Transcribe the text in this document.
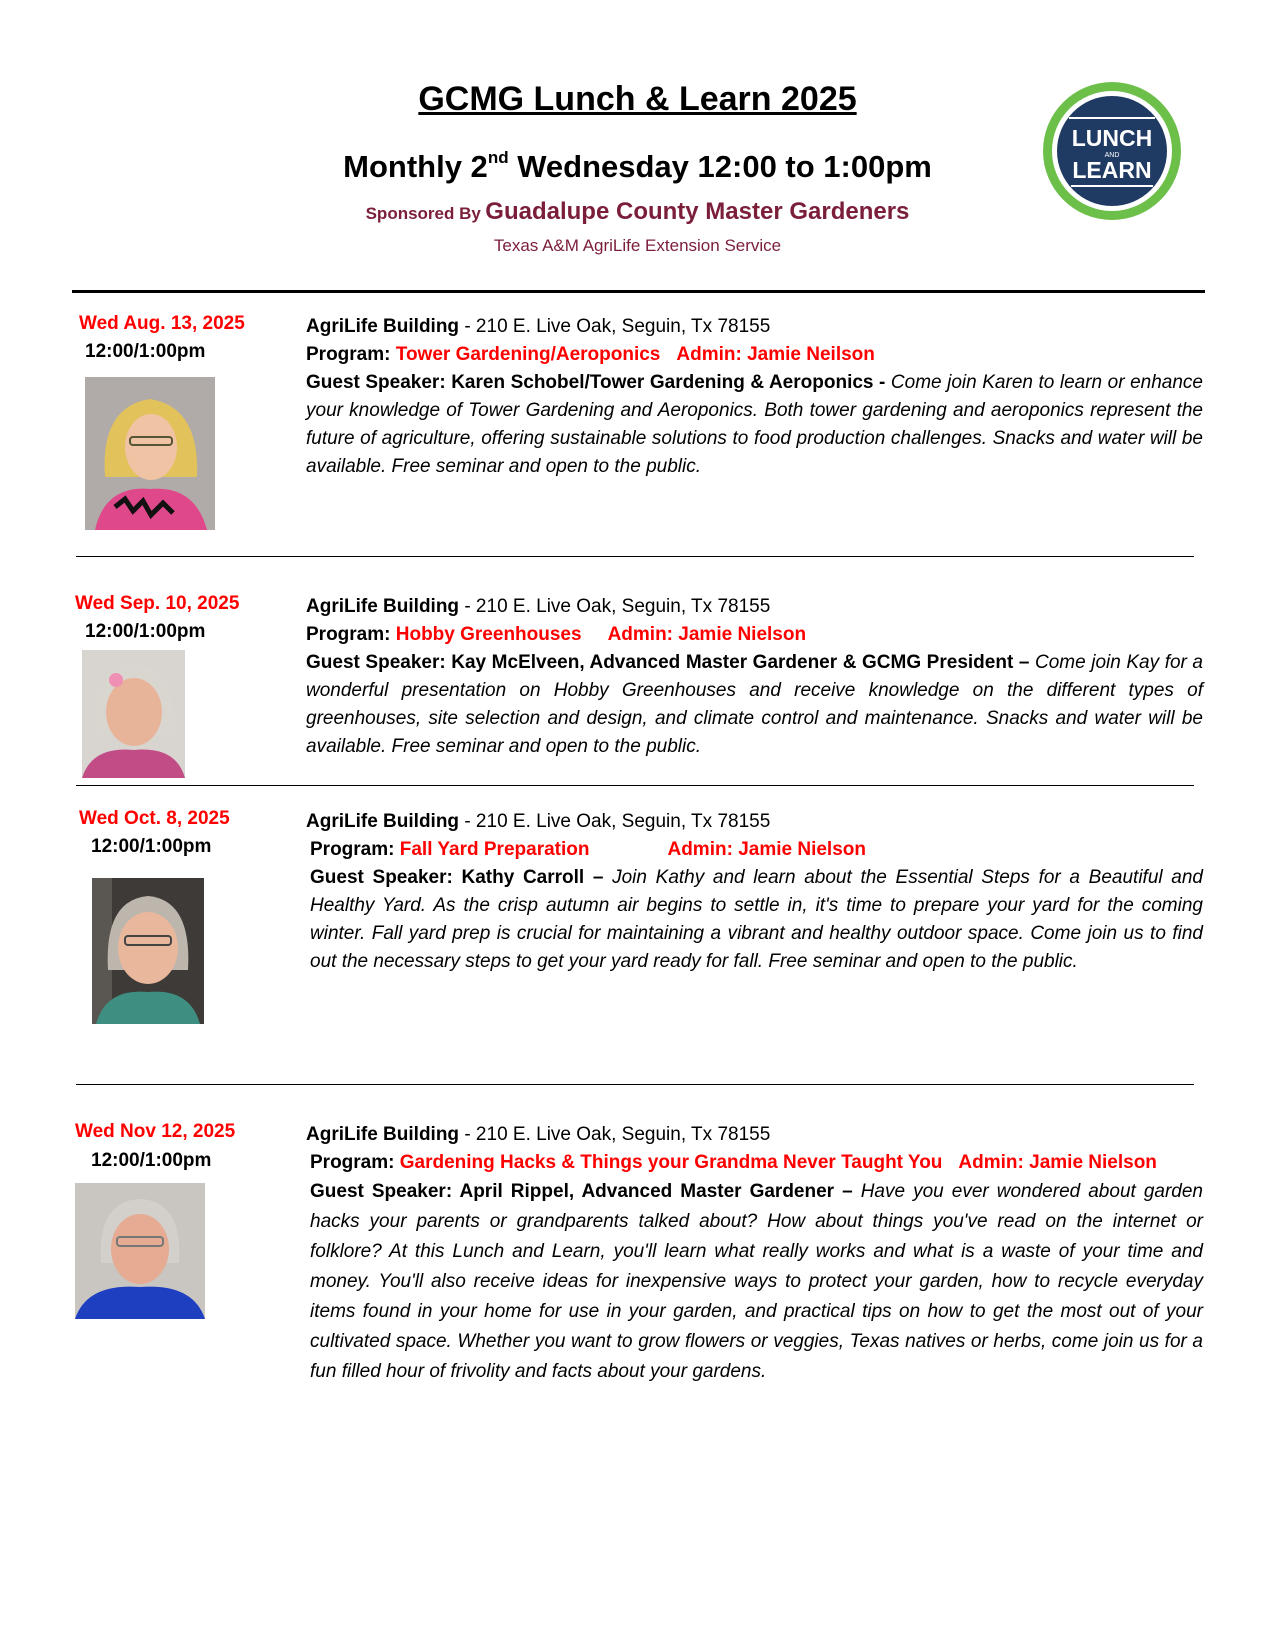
GCMG Lunch & Learn 2025
Monthly 2nd Wednesday 12:00 to 1:00pm
Sponsored By Guadalupe County Master Gardeners
Texas A&M AgriLife Extension Service
LUNCH
AND
LEARN
Wed Aug. 13, 2025
12:00/1:00pm
AgriLife Building - 210 E. Live Oak, Seguin, Tx 78155
Program: Tower Gardening/Aeroponics Admin: Jamie Neilson
Guest Speaker: Karen Schobel/Tower Gardening & Aeroponics - Come join Karen to learn or enhance your knowledge of Tower Gardening and Aeroponics. Both tower gardening and aeroponics represent the future of agriculture, offering sustainable solutions to food production challenges. Snacks and water will be available. Free seminar and open to the public.
Wed Sep. 10, 2025
12:00/1:00pm
AgriLife Building - 210 E. Live Oak, Seguin, Tx 78155
Program: Hobby Greenhouses Admin: Jamie Nielson
Guest Speaker: Kay McElveen, Advanced Master Gardener & GCMG President – Come join Kay for a wonderful presentation on Hobby Greenhouses and receive knowledge on the different types of greenhouses, site selection and design, and climate control and maintenance. Snacks and water will be available. Free seminar and open to the public.
Wed Oct. 8, 2025
12:00/1:00pm
AgriLife Building - 210 E. Live Oak, Seguin, Tx 78155
Program: Fall Yard Preparation	Admin: Jamie Nielson
Guest Speaker: Kathy Carroll – Join Kathy and learn about the Essential Steps for a Beautiful and Healthy Yard. As the crisp autumn air begins to settle in, it's time to prepare your yard for the coming winter. Fall yard prep is crucial for maintaining a vibrant and healthy outdoor space. Come join us to find out the necessary steps to get your yard ready for fall. Free seminar and open to the public.
Wed Nov 12, 2025
12:00/1:00pm
AgriLife Building - 210 E. Live Oak, Seguin, Tx 78155
Program: Gardening Hacks & Things your Grandma Never Taught You Admin: Jamie Nielson
Guest Speaker: April Rippel, Advanced Master Gardener – Have you ever wondered about garden hacks your parents or grandparents talked about? How about things you've read on the internet or folklore? At this Lunch and Learn, you'll learn what really works and what is a waste of your time and money. You'll also receive ideas for inexpensive ways to protect your garden, how to recycle everyday items found in your home for use in your garden, and practical tips on how to get the most out of your cultivated space. Whether you want to grow flowers or veggies, Texas natives or herbs, come join us for a fun filled hour of frivolity and facts about your gardens.
